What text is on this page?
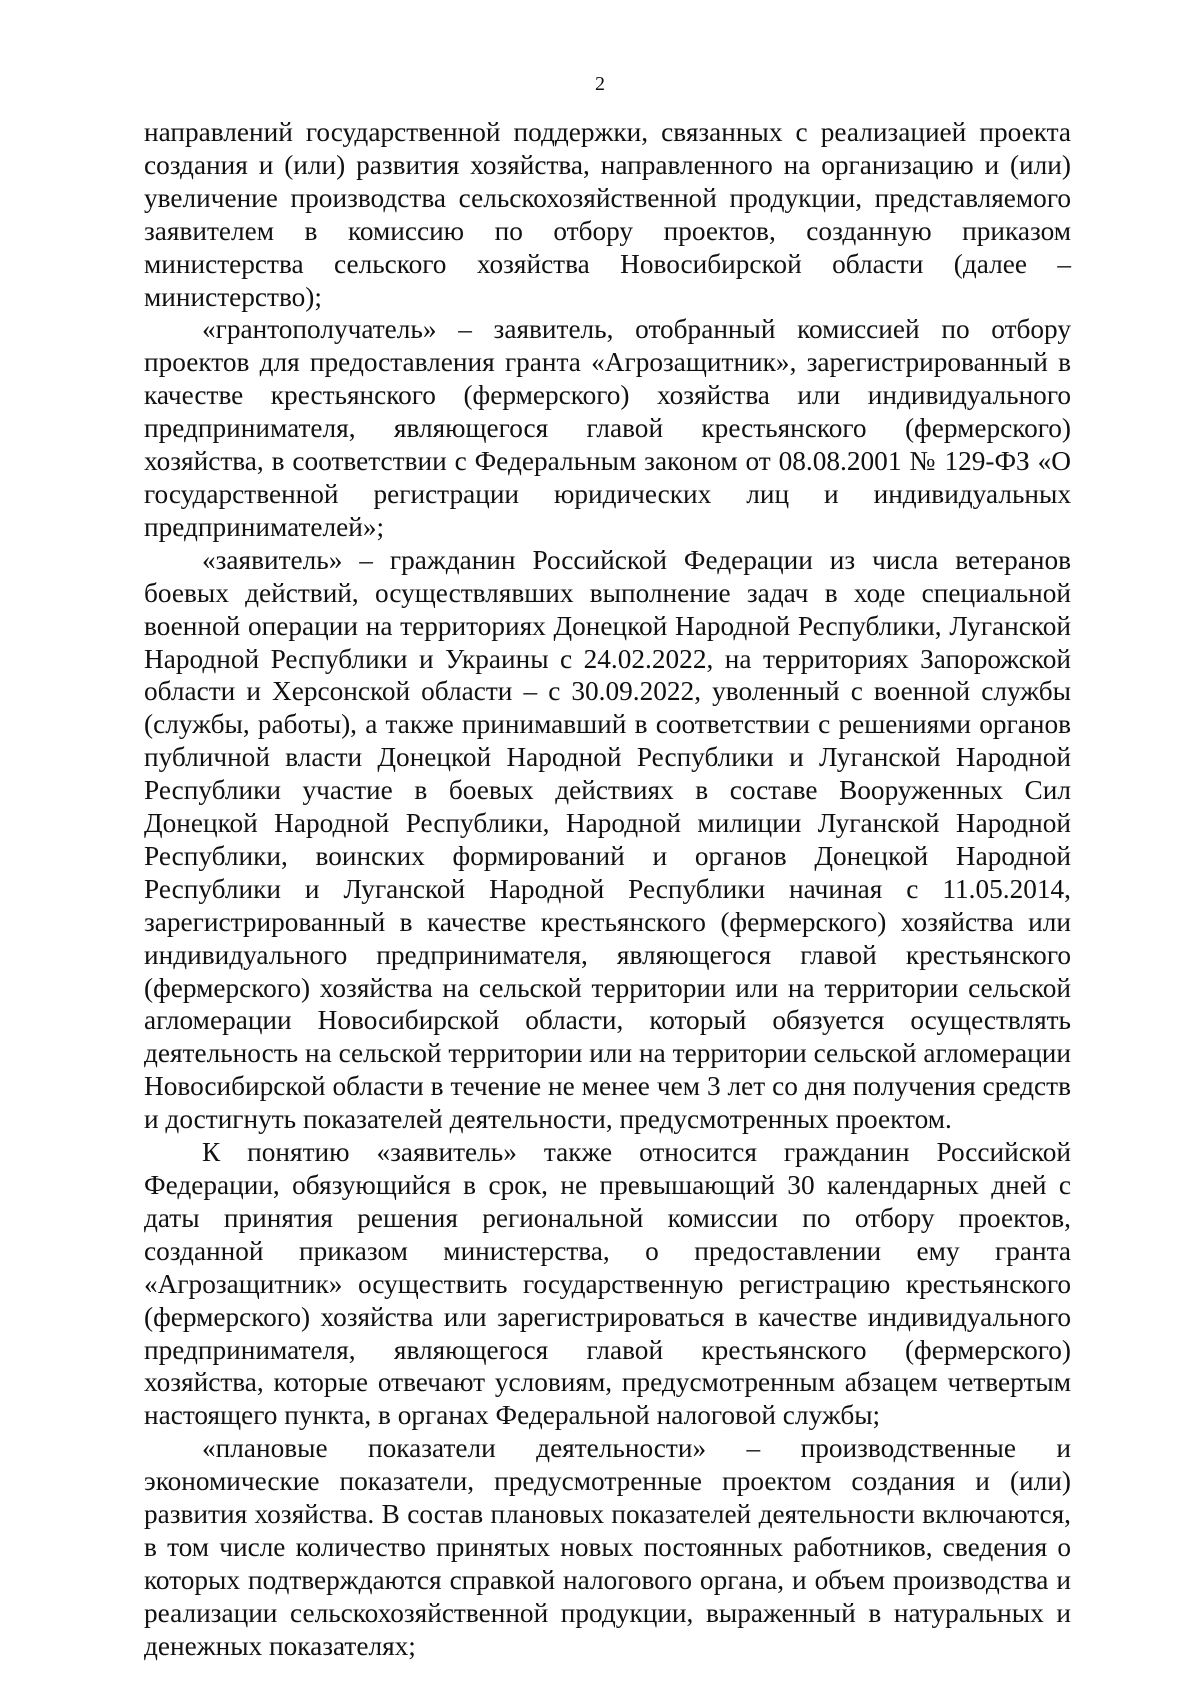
2

направлений государственной поддержки, связанных с реализацией проекта создания и (или) развития хозяйства, направленного на организацию и (или) увеличение производства сельскохозяйственной продукции, представляемого заявителем в комиссию по отбору проектов, созданную приказом министерства сельского хозяйства Новосибирской области (далее – министерство);

«грантополучатель» – заявитель, отобранный комиссией по отбору проектов для предоставления гранта «Агрозащитник», зарегистрированный в качестве крестьянского (фермерского) хозяйства или индивидуального предпринимателя, являющегося главой крестьянского (фермерского) хозяйства, в соответствии с Федеральным законом от 08.08.2001 № 129-ФЗ «О государственной регистрации юридических лиц и индивидуальных предпринимателей»;

«заявитель» – гражданин Российской Федерации из числа ветеранов боевых действий, осуществлявших выполнение задач в ходе специальной военной операции на территориях Донецкой Народной Республики, Луганской Народной Республики и Украины с 24.02.2022, на территориях Запорожской области и Херсонской области – с 30.09.2022, уволенный с военной службы (службы, работы), а также принимавший в соответствии с решениями органов публичной власти Донецкой Народной Республики и Луганской Народной Республики участие в боевых действиях в составе Вооруженных Сил Донецкой Народной Республики, Народной милиции Луганской Народной Республики, воинских формирований и органов Донецкой Народной Республики и Луганской Народной Республики начиная с 11.05.2014, зарегистрированный в качестве крестьянского (фермерского) хозяйства или индивидуального предпринимателя, являющегося главой крестьянского (фермерского) хозяйства на сельской территории или на территории сельской агломерации Новосибирской области, который обязуется осуществлять деятельность на сельской территории или на территории сельской агломерации Новосибирской области в течение не менее чем 3 лет со дня получения средств и достигнуть показателей деятельности, предусмотренных проектом.

К понятию «заявитель» также относится гражданин Российской Федерации, обязующийся в срок, не превышающий 30 календарных дней с даты принятия решения региональной комиссии по отбору проектов, созданной приказом министерства, о предоставлении ему гранта «Агрозащитник» осуществить государственную регистрацию крестьянского (фермерского) хозяйства или зарегистрироваться в качестве индивидуального предпринимателя, являющегося главой крестьянского (фермерского) хозяйства, которые отвечают условиям, предусмотренным абзацем четвертым настоящего пункта, в органах Федеральной налоговой службы;

«плановые показатели деятельности» – производственные и экономические показатели, предусмотренные проектом создания и (или) развития хозяйства. В состав плановых показателей деятельности включаются, в том числе количество принятых новых постоянных работников, сведения о которых подтверждаются справкой налогового органа, и объем производства и реализации сельскохозяйственной продукции, выраженный в натуральных и денежных показателях;
